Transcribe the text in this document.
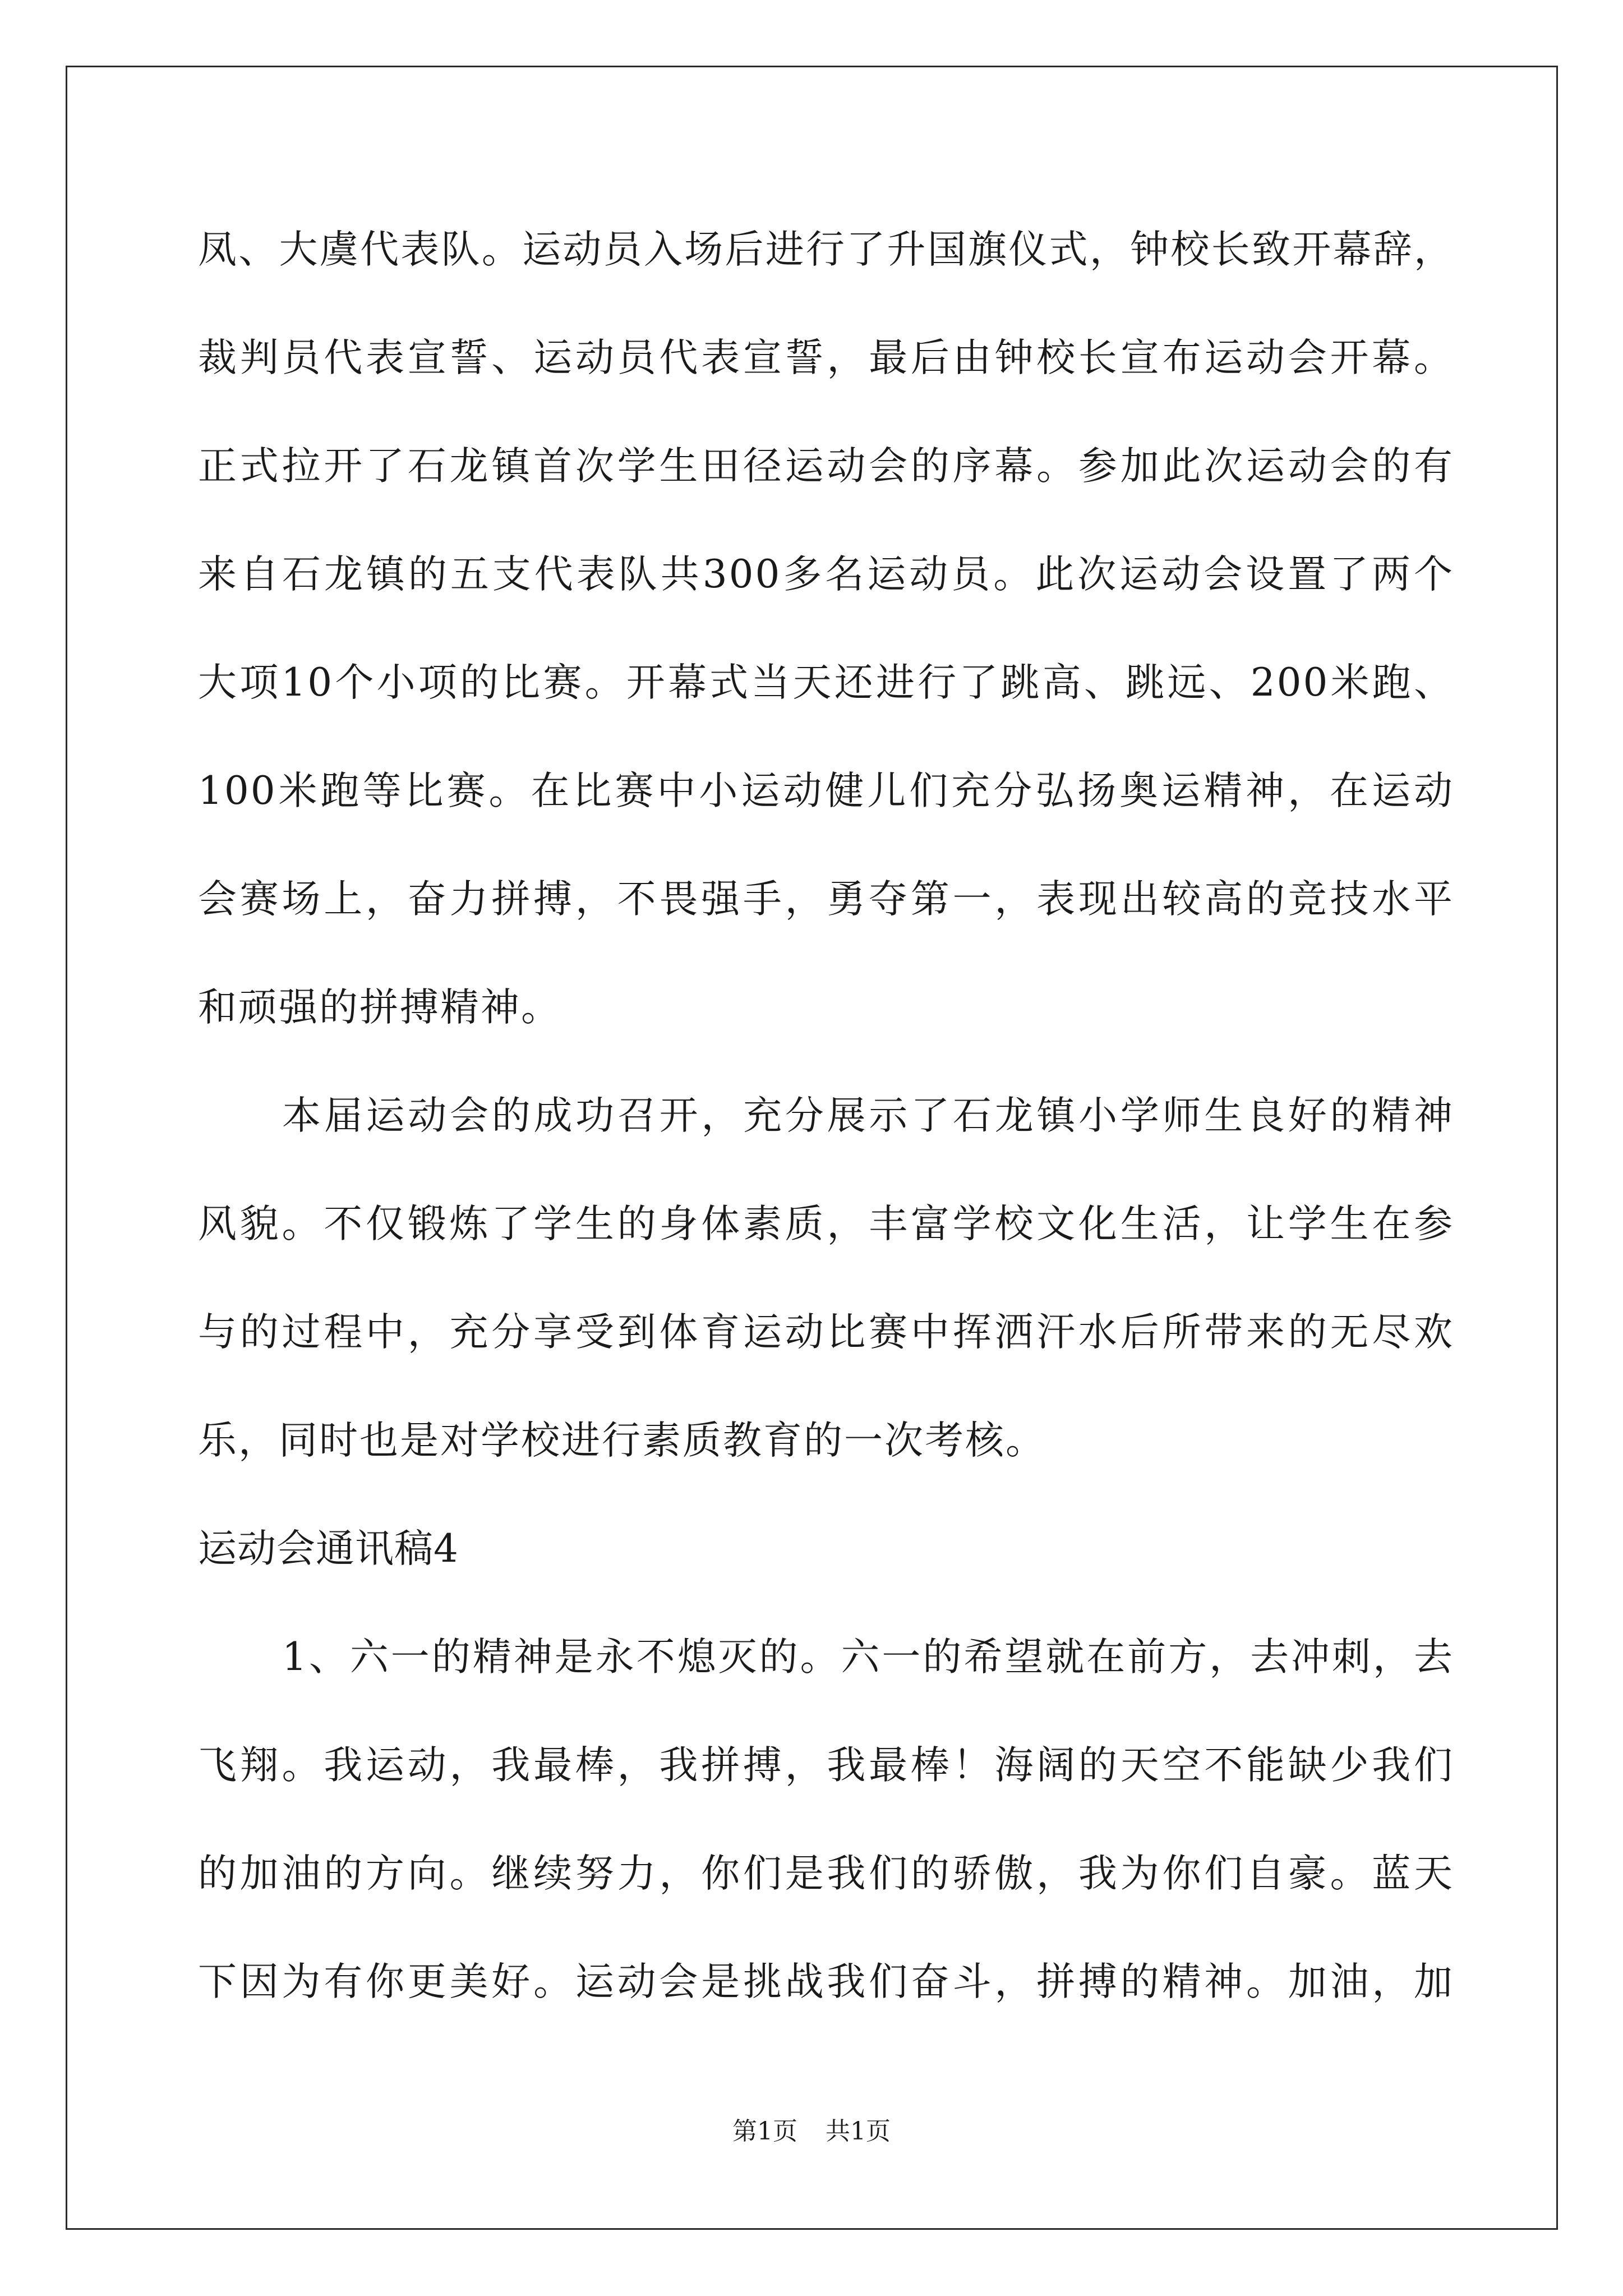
凤、大虞代表队。运动员入场后进行了升国旗仪式，钟校长致开幕辞，
裁判员代表宣誓、运动员代表宣誓，最后由钟校长宣布运动会开幕。
正式拉开了石龙镇首次学生田径运动会的序幕。参加此次运动会的有
来自石龙镇的五支代表队共300多名运动员。此次运动会设置了两个
大项10个小项的比赛。开幕式当天还进行了跳高、跳远、200米跑、
100米跑等比赛。在比赛中小运动健儿们充分弘扬奥运精神，在运动
会赛场上，奋力拼搏，不畏强手，勇夺第一，表现出较高的竞技水平
和顽强的拼搏精神。
本届运动会的成功召开，充分展示了石龙镇小学师生良好的精神
风貌。不仅锻炼了学生的身体素质，丰富学校文化生活，让学生在参
与的过程中，充分享受到体育运动比赛中挥洒汗水后所带来的无尽欢
乐，同时也是对学校进行素质教育的一次考核。
运动会通讯稿4
1、六一的精神是永不熄灭的。六一的希望就在前方，去冲刺，去
飞翔。我运动，我最棒，我拼搏，我最棒！海阔的天空不能缺少我们
的加油的方向。继续努力，你们是我们的骄傲，我为你们自豪。蓝天
下因为有你更美好。运动会是挑战我们奋斗，拼搏的精神。加油，加
第1页 共1页
